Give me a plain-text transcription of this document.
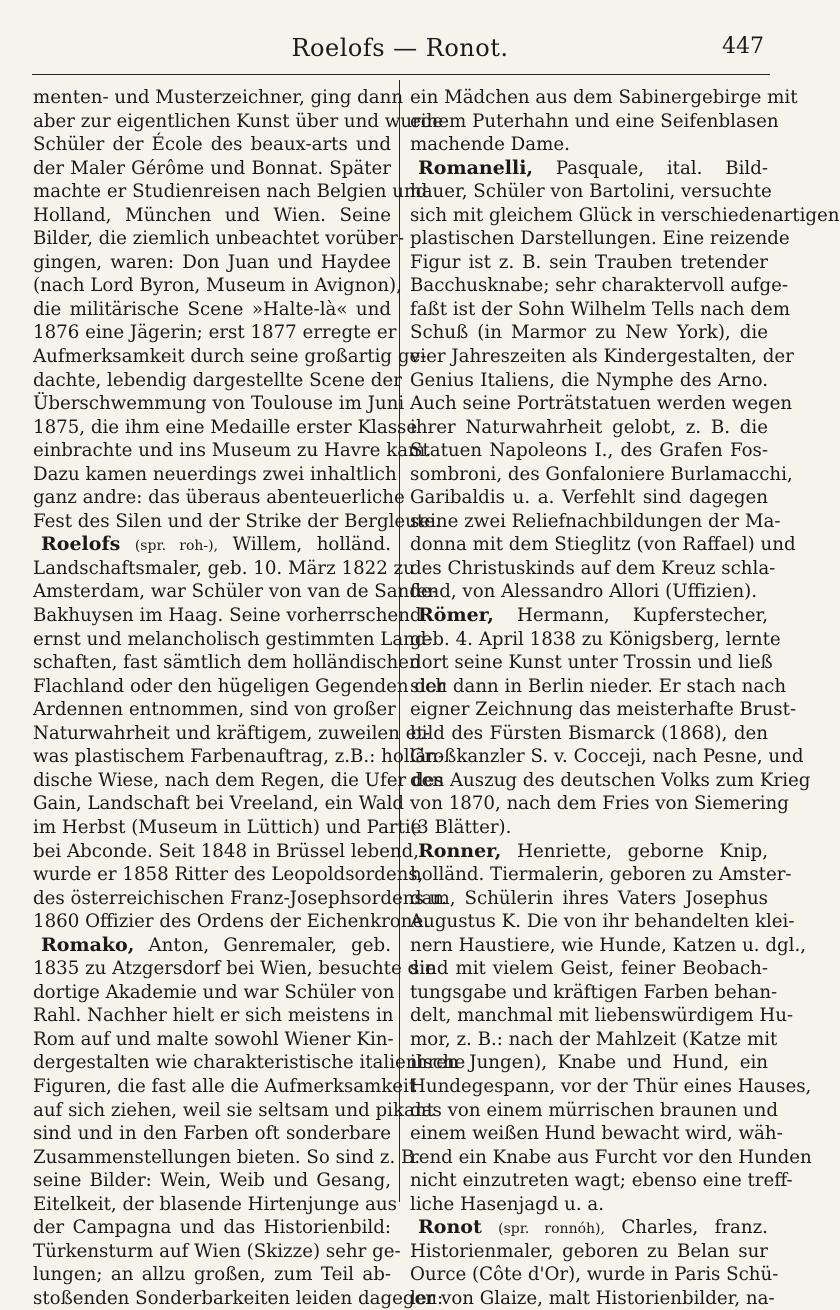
Roelofs — Ronot.	447
menten- und Musterzeichner, ging dann
aber zur eigentlichen Kunst über und wurde
Schüler der École des beaux-arts und
der Maler Gérôme und Bonnat. Später
machte er Studienreisen nach Belgien und
Holland, München und Wien. Seine
Bilder, die ziemlich unbeachtet vorüber-
gingen, waren: Don Juan und Haydee
(nach Lord Byron, Museum in Avignon),
die militärische Scene »Halte-là« und
1876 eine Jägerin; erst 1877 erregte er
Aufmerksamkeit durch seine großartig ge-
dachte, lebendig dargestellte Scene der
Überschwemmung von Toulouse im Juni
1875, die ihm eine Medaille erster Klasse
einbrachte und ins Museum zu Havre kam.
Dazu kamen neuerdings zwei inhaltlich
ganz andre: das überaus abenteuerliche
Fest des Silen und der Strike der Bergleute.
Roelofs (spr. roh-), Willem, holländ.
Landschaftsmaler, geb. 10. März 1822 zu
Amsterdam, war Schüler von van de Sande-
Bakhuysen im Haag. Seine vorherrschend
ernst und melancholisch gestimmten Land-
schaften, fast sämtlich dem holländischen
Flachland oder den hügeligen Gegenden der
Ardennen entnommen, sind von großer
Naturwahrheit und kräftigem, zuweilen et-
was plastischem Farbenauftrag, z.B.: hollän-
dische Wiese, nach dem Regen, die Ufer des
Gain, Landschaft bei Vreeland, ein Wald
im Herbst (Museum in Lüttich) und Partie
bei Abconde. Seit 1848 in Brüssel lebend,
wurde er 1858 Ritter des Leopoldsordens,
des österreichischen Franz-Josephsordens u.
1860 Offizier des Ordens der Eichenkrone.
Romako, Anton, Genremaler, geb.
1835 zu Atzgersdorf bei Wien, besuchte die
dortige Akademie und war Schüler von
Rahl. Nachher hielt er sich meistens in
Rom auf und malte sowohl Wiener Kin-
dergestalten wie charakteristische italienische
Figuren, die fast alle die Aufmerksamkeit
auf sich ziehen, weil sie seltsam und pikant
sind und in den Farben oft sonderbare
Zusammenstellungen bieten. So sind z. B.
seine Bilder: Wein, Weib und Gesang,
Eitelkeit, der blasende Hirtenjunge aus
der Campagna und das Historienbild:
Türkensturm auf Wien (Skizze) sehr ge-
lungen; an allzu großen, zum Teil ab-
stoßenden Sonderbarkeiten leiden dagegen:
ein Mädchen aus dem Sabinergebirge mit
einem Puterhahn und eine Seifenblasen
machende Dame.
Romanelli, Pasquale, ital. Bild-
hauer, Schüler von Bartolini, versuchte
sich mit gleichem Glück in verschiedenartigen
plastischen Darstellungen. Eine reizende
Figur ist z. B. sein Trauben tretender
Bacchusknabe; sehr charaktervoll aufge-
faßt ist der Sohn Wilhelm Tells nach dem
Schuß (in Marmor zu New York), die
vier Jahreszeiten als Kindergestalten, der
Genius Italiens, die Nymphe des Arno.
Auch seine Porträtstatuen werden wegen
ihrer Naturwahrheit gelobt, z. B. die
Statuen Napoleons I., des Grafen Fos-
sombroni, des Gonfaloniere Burlamacchi,
Garibaldis u. a. Verfehlt sind dagegen
seine zwei Reliefnachbildungen der Ma-
donna mit dem Stieglitz (von Raffael) und
des Christuskinds auf dem Kreuz schla-
fend, von Alessandro Allori (Uffizien).
Römer, Hermann, Kupferstecher,
geb. 4. April 1838 zu Königsberg, lernte
dort seine Kunst unter Trossin und ließ
sich dann in Berlin nieder. Er stach nach
eigner Zeichnung das meisterhafte Brust-
bild des Fürsten Bismarck (1868), den
Großkanzler S. v. Cocceji, nach Pesne, und
den Auszug des deutschen Volks zum Krieg
von 1870, nach dem Fries von Siemering
(3 Blätter).
Ronner, Henriette, geborne Knip,
holländ. Tiermalerin, geboren zu Amster-
dam, Schülerin ihres Vaters Josephus
Augustus K. Die von ihr behandelten klei-
nern Haustiere, wie Hunde, Katzen u. dgl.,
sind mit vielem Geist, feiner Beobach-
tungsgabe und kräftigen Farben behan-
delt, manchmal mit liebenswürdigem Hu-
mor, z. B.: nach der Mahlzeit (Katze mit
ihren Jungen), Knabe und Hund, ein
Hundegespann, vor der Thür eines Hauses,
das von einem mürrischen braunen und
einem weißen Hund bewacht wird, wäh-
rend ein Knabe aus Furcht vor den Hunden
nicht einzutreten wagt; ebenso eine treff-
liche Hasenjagd u. a.
Ronot (spr. ronnóh), Charles, franz.
Historienmaler, geboren zu Belan sur
Ource (Côte d'Or), wurde in Paris Schü-
ler von Glaize, malt Historienbilder, na-
